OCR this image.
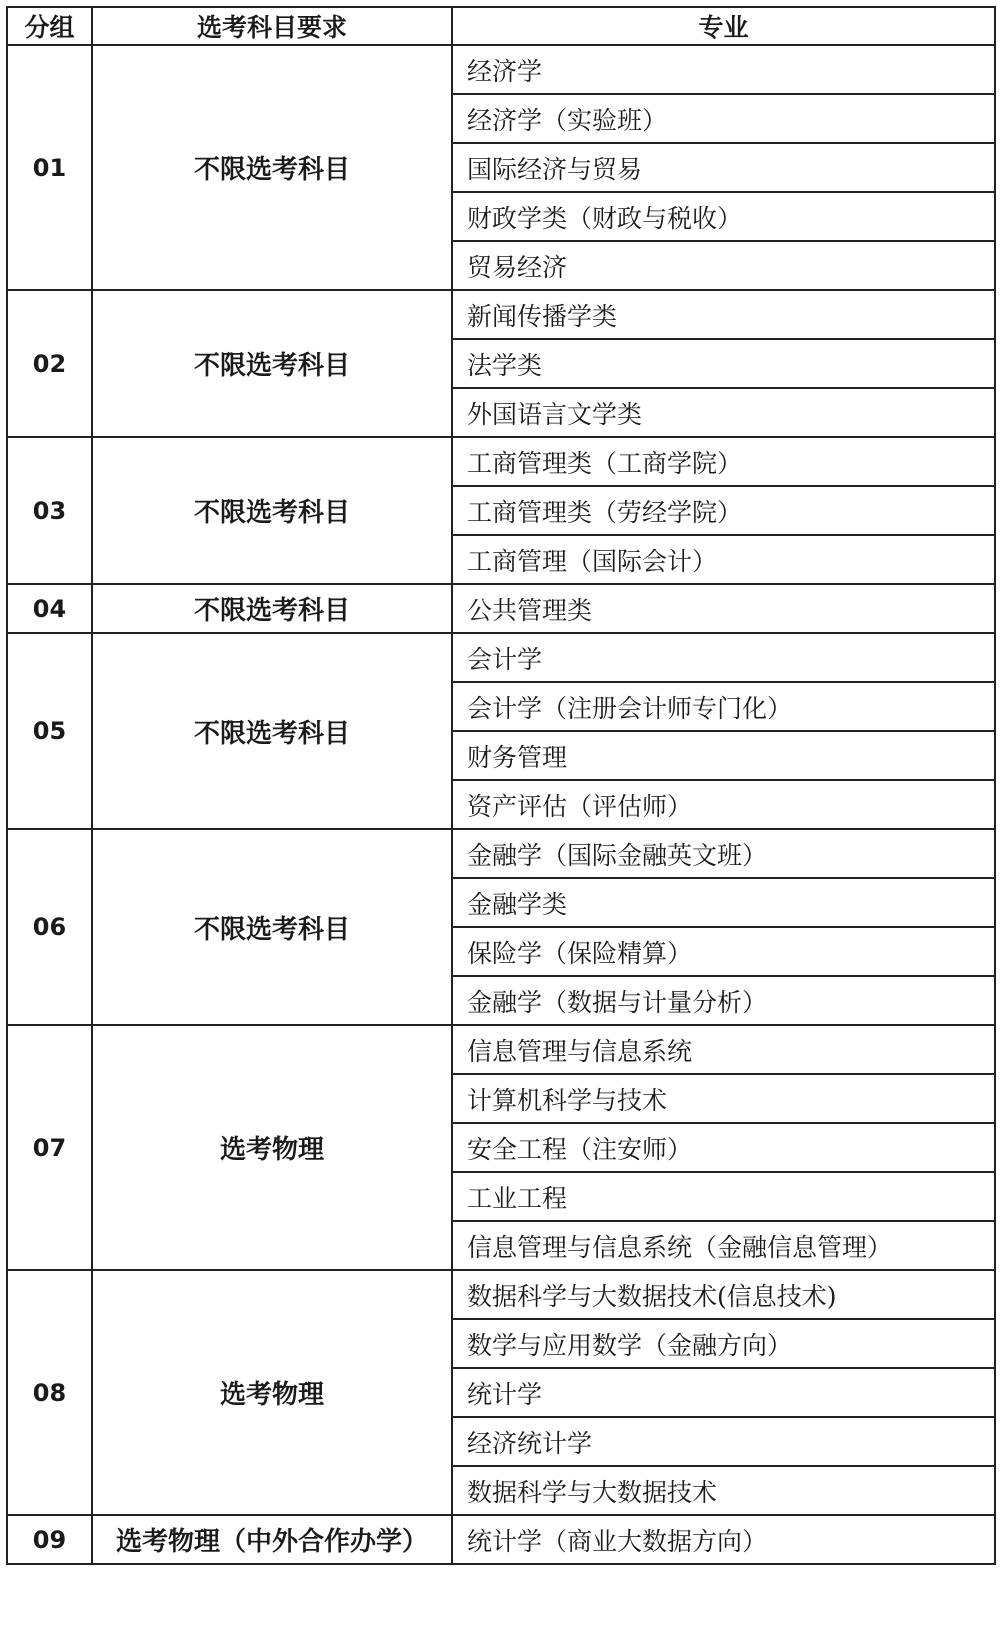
分组	选考科目要求	专业
01	不限选考科目	经济学
		经济学（实验班）
		国际经济与贸易
		财政学类（财政与税收）
		贸易经济
02	不限选考科目	新闻传播学类
		法学类
		外国语言文学类
03	不限选考科目	工商管理类（工商学院）
		工商管理类（劳经学院）
		工商管理（国际会计）
04	不限选考科目	公共管理类
05	不限选考科目	会计学
		会计学（注册会计师专门化）
		财务管理
		资产评估（评估师）
06	不限选考科目	金融学（国际金融英文班）
		金融学类
		保险学（保险精算）
		金融学（数据与计量分析）
07	选考物理	信息管理与信息系统
		计算机科学与技术
		安全工程（注安师）
		工业工程
		信息管理与信息系统（金融信息管理）
08	选考物理	数据科学与大数据技术(信息技术)
		数学与应用数学（金融方向）
		统计学
		经济统计学
		数据科学与大数据技术
09	选考物理（中外合作办学）	统计学（商业大数据方向）
